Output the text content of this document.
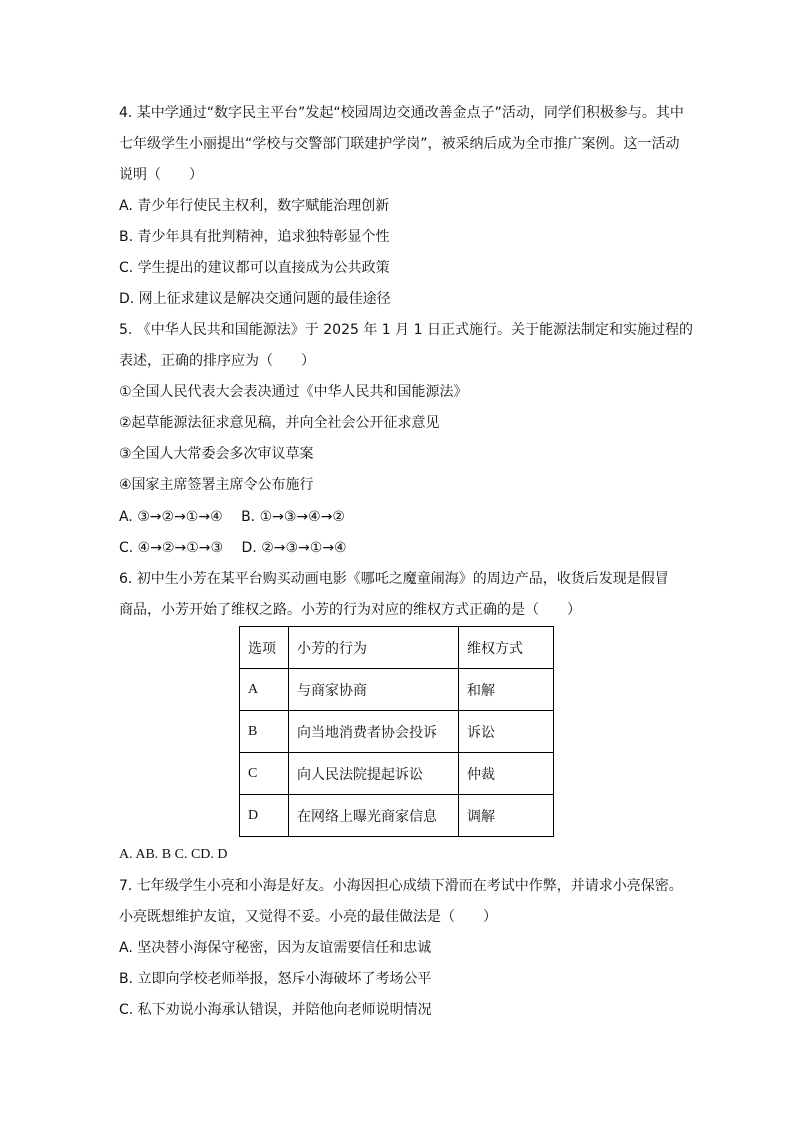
4. 某中学通过“数字民主平台”发起“校园周边交通改善金点子”活动，同学们积极参与。其中
七年级学生小丽提出“学校与交警部门联建护学岗”，被采纳后成为全市推广案例。这一活动
说明（　　）
A. 青少年行使民主权利，数字赋能治理创新
B. 青少年具有批判精神，追求独特彰显个性
C. 学生提出的建议都可以直接成为公共政策
D. 网上征求建议是解决交通问题的最佳途径
5. 《中华人民共和国能源法》于 2025 年 1 月 1 日正式施行。关于能源法制定和实施过程的
表述，正确的排序应为（　　）
①全国人民代表大会表决通过《中华人民共和国能源法》
②起草能源法征求意见稿，并向全社会公开征求意见
③全国人大常委会多次审议草案
④国家主席签署主席令公布施行
A. ③→②→①→④　 B. ①→③→④→②
C. ④→②→①→③　 D. ②→③→①→④
6. 初中生小芳在某平台购买动画电影《哪吒之魔童闹海》的周边产品，收货后发现是假冒
商品，小芳开始了维权之路。小芳的行为对应的维权方式正确的是（　　）
选项	小芳的行为	维权方式
A	与商家协商	和解
B	向当地消费者协会投诉	诉讼
C	向人民法院提起诉讼	仲裁
D	在网络上曝光商家信息	调解
A. AB. B C. CD. D
7. 七年级学生小亮和小海是好友。小海因担心成绩下滑而在考试中作弊，并请求小亮保密。
小亮既想维护友谊，又觉得不妥。小亮的最佳做法是（　　）
A. 坚决替小海保守秘密，因为友谊需要信任和忠诚
B. 立即向学校老师举报，怒斥小海破坏了考场公平
C. 私下劝说小海承认错误，并陪他向老师说明情况
